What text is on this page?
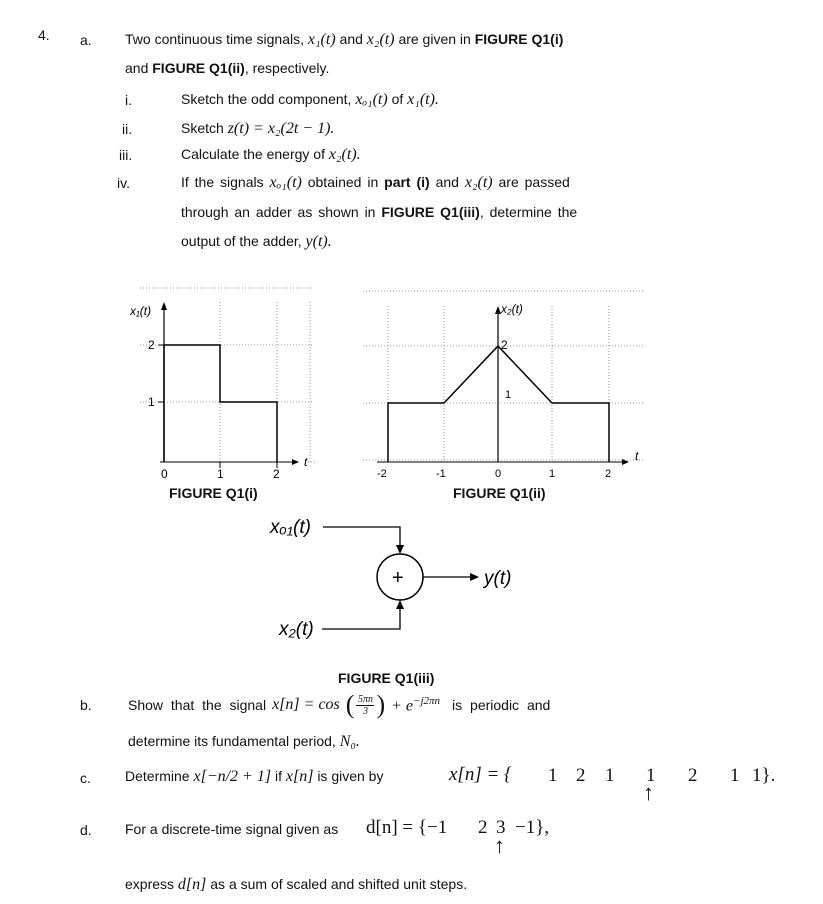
4. a. Two continuous time signals, x₁(t) and x₂(t) are given in FIGURE Q1(i)
and FIGURE Q1(ii), respectively.
i.	Sketch the odd component, xₒ₁(t) of x₁(t).
ii.	Sketch z(t) = x₂(2t − 1).
iii.	Calculate the energy of x₂(t).
iv.	If the signals xₒ₁(t) obtained in part (i) and x₂(t) are passed
through an adder as shown in FIGURE Q1(iii), determine the
output of the adder, y(t).
x₁(t)
2
1
0	1	2
t
FIGURE Q1(i)
x₂(t)
2
1
-2	-1	0	1	2
t
FIGURE Q1(ii)
xₒ₁(t)
+
x₂(t)
y(t)
FIGURE Q1(iii)
b.	Show that the signal x[n] = cos ( 5πn
3 ) + $e^{-j2\pi n}$ is periodic and
determine its fundamental period, N₀.
c. Determine x[−n/2 + 1] if x[n] is given by	x[n] = { 1 2 1 1 2 1 1}.
↑
d. For a discrete-time signal given as d[n] = {−1 2 3 −1},
↑
express d[n] as a sum of scaled and shifted unit steps.
